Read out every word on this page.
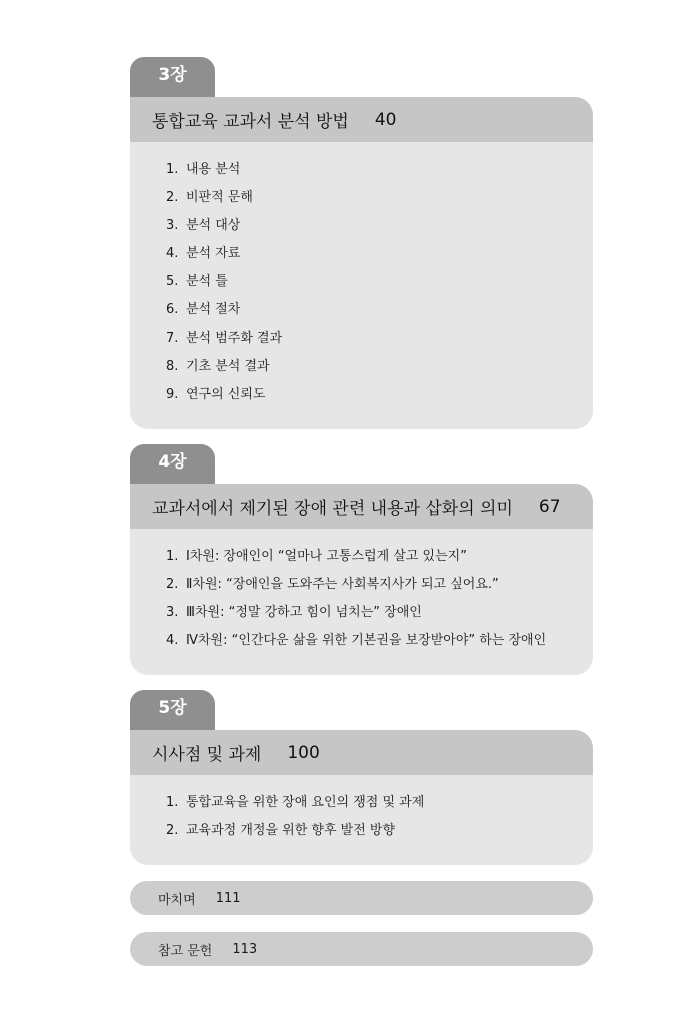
3장
통합교육 교과서 분석 방법 40
1. 내용 분석
2. 비판적 문해
3. 분석 대상
4. 분석 자료
5. 분석 틀
6. 분석 절차
7. 분석 범주화 결과
8. 기초 분석 결과
9. 연구의 신뢰도
4장
교과서에서 제기된 장애 관련 내용과 삽화의 의미 67
1. Ⅰ차원: 장애인이 “얼마나 고통스럽게 살고 있는지”
2. Ⅱ차원: “장애인을 도와주는 사회복지사가 되고 싶어요.”
3. Ⅲ차원: “정말 강하고 힘이 넘치는” 장애인
4. Ⅳ차원: “인간다운 삶을 위한 기본권을 보장받아야” 하는 장애인
5장
시사점 및 과제 100
1. 통합교육을 위한 장애 요인의 쟁점 및 과제
2. 교육과정 개정을 위한 향후 발전 방향
마치며 111
참고 문헌 113
